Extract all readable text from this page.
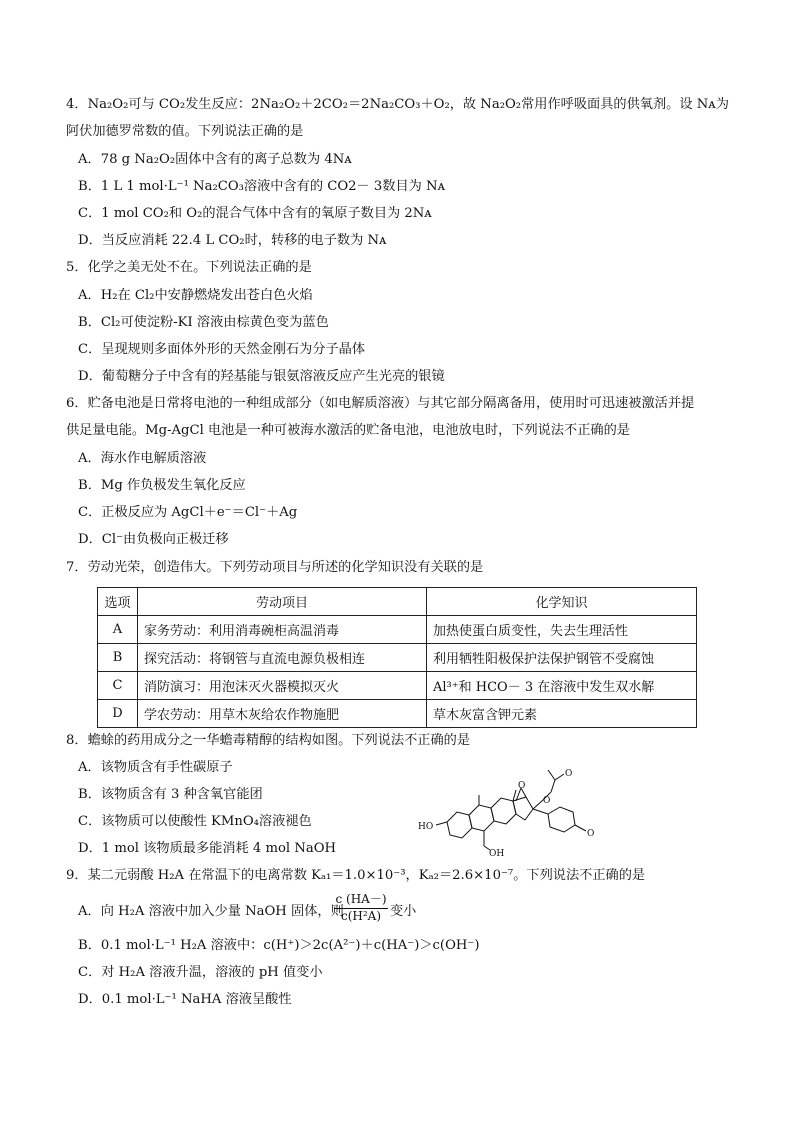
4．Na₂O₂可与 CO₂发生反应：2Na₂O₂＋2CO₂＝2Na₂CO₃＋O₂，故 Na₂O₂常用作呼吸面具的供氧剂。设 Nᴀ为
阿伏加德罗常数的值。下列说法正确的是
A．78 g Na₂O₂固体中含有的离子总数为 4Nᴀ
B．1 L 1 mol·L⁻¹ Na₂CO₃溶液中含有的 CO2－ 3数目为 Nᴀ
C．1 mol CO₂和 O₂的混合气体中含有的氧原子数目为 2Nᴀ
D．当反应消耗 22.4 L CO₂时，转移的电子数为 Nᴀ
5．化学之美无处不在。下列说法正确的是
A．H₂在 Cl₂中安静燃烧发出苍白色火焰
B．Cl₂可使淀粉-KI 溶液由棕黄色变为蓝色
C．呈现规则多面体外形的天然金刚石为分子晶体
D．葡萄糖分子中含有的羟基能与银氨溶液反应产生光亮的银镜
6．贮备电池是日常将电池的一种组成部分（如电解质溶液）与其它部分隔离备用，使用时可迅速被激活并提
供足量电能。Mg-AgCl 电池是一种可被海水激活的贮备电池，电池放电时，下列说法不正确的是
A．海水作电解质溶液
B．Mg 作负极发生氧化反应
C．正极反应为 AgCl＋e⁻＝Cl⁻＋Ag
D．Cl⁻由负极向正极迁移
7．劳动光荣，创造伟大。下列劳动项目与所述的化学知识没有关联的是
选项	劳动项目	化学知识
A	家务劳动：利用消毒碗柜高温消毒	加热使蛋白质变性，失去生理活性
B	探究活动：将钢管与直流电源负极相连	利用牺牲阳极保护法保护钢管不受腐蚀
C	消防演习：用泡沫灭火器模拟灭火	Al³⁺和 HCO－ 3 在溶液中发生双水解
D	学农劳动：用草木灰给农作物施肥	草木灰富含钾元素
8．蟾蜍的药用成分之一华蟾毒精醇的结构如图。下列说法不正确的是
A．该物质含有手性碳原子
B．该物质含有 3 种含氧官能团
C．该物质可以使酸性 KMnO₄溶液褪色
D．1 mol 该物质最多能消耗 4 mol NaOH
HO
OH
O
O
O
O
9．某二元弱酸 H₂A 在常温下的电离常数 Kₐ₁＝1.0×10⁻³，Kₐ₂＝2.6×10⁻⁷。下列说法不正确的是
A．向 H₂A 溶液中加入少量 NaOH 固体，则
$\frac{c (HA-)}{\text{c(H²A)}}$ 变小
B．0.1 mol·L⁻¹ H₂A 溶液中：c(H⁺)＞2c(A²⁻)＋c(HA⁻)＞c(OH⁻)
C．对 H₂A 溶液升温，溶液的 pH 值变小
D．0.1 mol·L⁻¹ NaHA 溶液呈酸性
